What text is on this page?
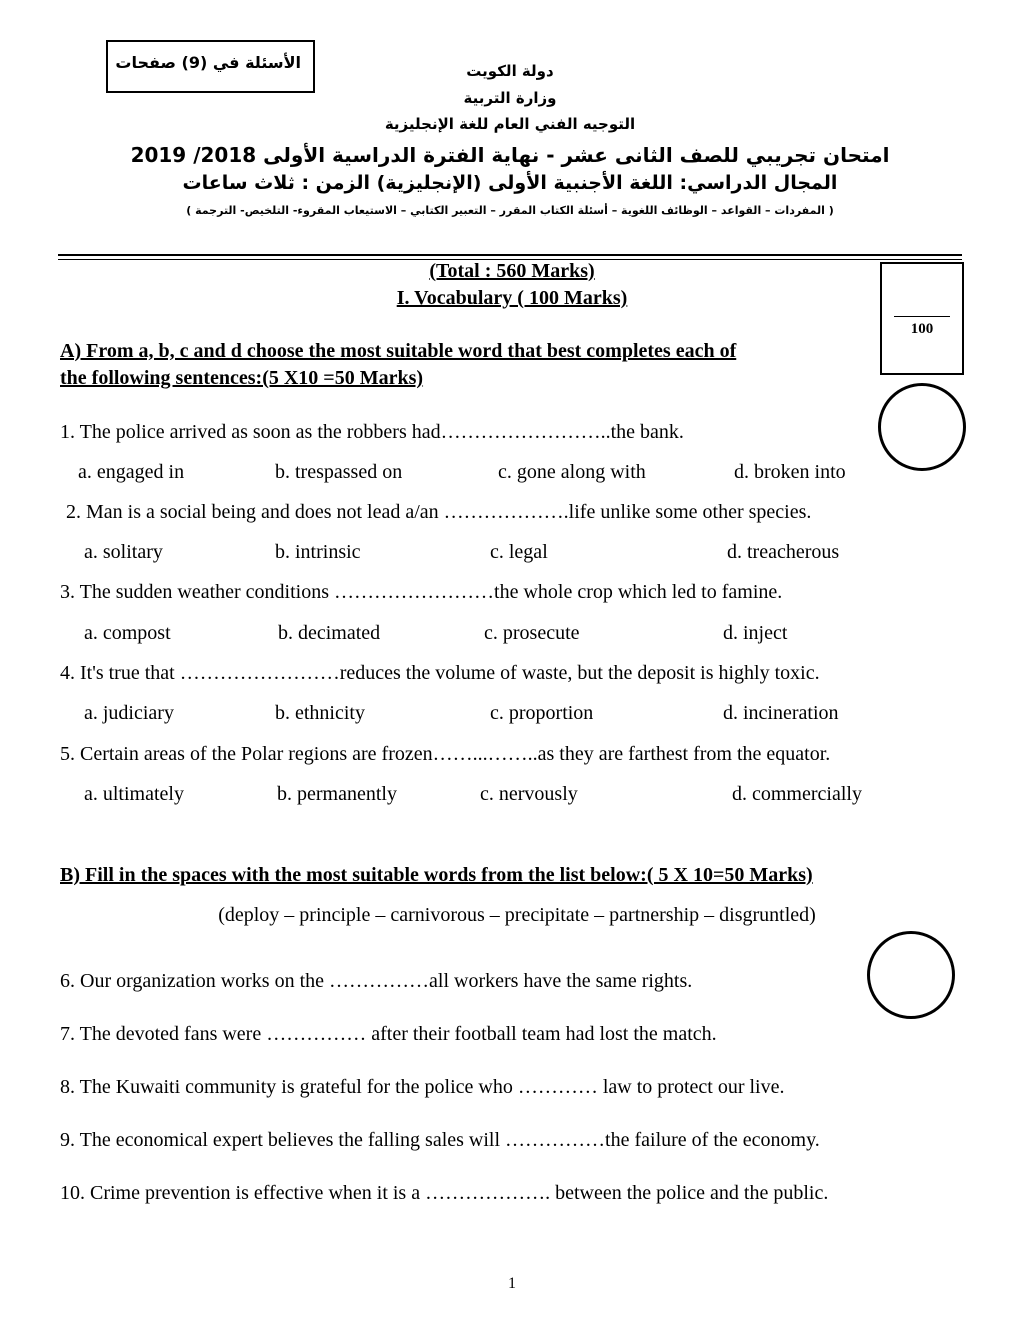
الأسئلة في (9) صفحات	دولة الكويت
وزارة التربية
التوجيه الفني العام للغة الإنجليزية
امتحان تجريبي للصف الثانى عشر - نهاية الفترة الدراسية الأولى 2018/ 2019
المجال الدراسي: اللغة الأجنبية الأولى (الإنجليزية) الزمن : ثلاث ساعات
( المفردات – القواعد – الوظائف اللغوية – أسئلة الكتاب المقرر – التعبير الكتابي – الاستيعاب المقروء- التلخيص- الترجمة )
(Total : 560 Marks)
I. Vocabulary ( 100 Marks)
100
A) From a, b, c and d choose the most suitable word that best completes each of
the following sentences:(5 X10 =50 Marks)
1. The police arrived as soon as the robbers had……………………..the bank.
a. engaged in	b. trespassed on	c. gone along with	d. broken into
2. Man is a social being and does not lead a/an ……………….life unlike some other species.
a. solitary	b. intrinsic	c. legal	d. treacherous
3. The sudden weather conditions ……………………the whole crop which led to famine.
a. compost	b. decimated	c. prosecute	d. inject
4. It's true that ……………………reduces the volume of waste, but the deposit is highly toxic.
a. judiciary	b. ethnicity	c. proportion	d. incineration
5. Certain areas of the Polar regions are frozen……...……..as they are farthest from the equator.
a. ultimately	b. permanently	c. nervously	d. commercially
B) Fill in the spaces with the most suitable words from the list below:( 5 X 10=50 Marks)
(deploy – principle – carnivorous – precipitate – partnership – disgruntled)
6. Our organization works on the ……………all workers have the same rights.
7. The devoted fans were …………… after their football team had lost the match.
8. The Kuwaiti community is grateful for the police who ………… law to protect our live.
9. The economical expert believes the falling sales will ……………the failure of the economy.
10. Crime prevention is effective when it is a ………………. between the police and the public.
1
